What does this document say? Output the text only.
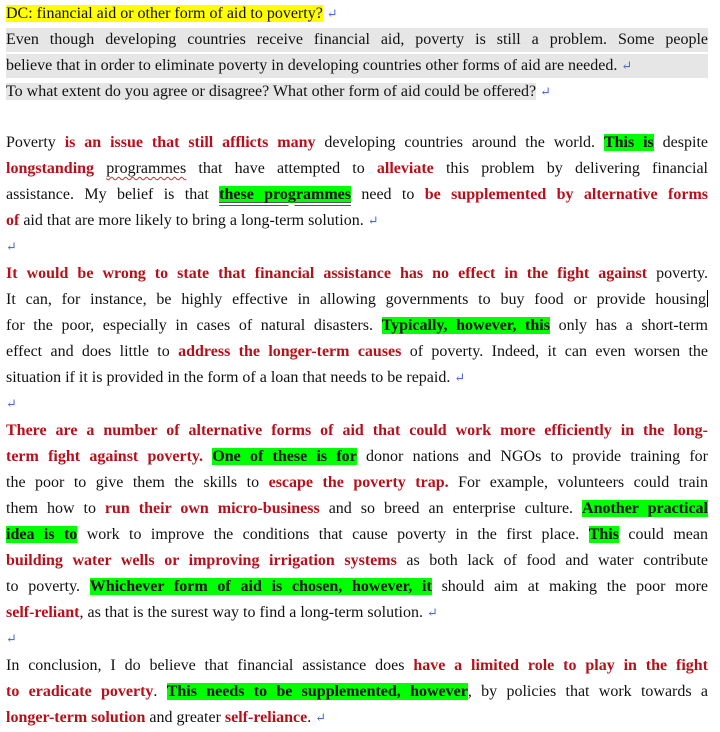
DC: financial aid or other form of aid to poverty? ↵
Even though developing countries receive financial aid, poverty is still a problem. Some people
believe that in order to eliminate poverty in developing countries other forms of aid are needed. ↵
To what extent do you agree or disagree? What other form of aid could be offered? ↵
Poverty is an issue that still afflicts many developing countries around the world. This is despite
longstanding programmes that have attempted to alleviate this problem by delivering financial
assistance. My belief is that these programmes need to be supplemented by alternative forms
of aid that are more likely to bring a long-term solution. ↵
↵
It would be wrong to state that financial assistance has no effect in the fight against poverty.
It can, for instance, be highly effective in allowing governments to buy food or provide housing
for the poor, especially in cases of natural disasters. Typically, however, this only has a short-term
effect and does little to address the longer-term causes of poverty. Indeed, it can even worsen the
situation if it is provided in the form of a loan that needs to be repaid. ↵
↵
There are a number of alternative forms of aid that could work more efficiently in the long-
term fight against poverty. One of these is for donor nations and NGOs to provide training for
the poor to give them the skills to escape the poverty trap. For example, volunteers could train
them how to run their own micro-business and so breed an enterprise culture. Another practical
idea is to work to improve the conditions that cause poverty in the first place. This could mean
building water wells or improving irrigation systems as both lack of food and water contribute
to poverty. Whichever form of aid is chosen, however, it should aim at making the poor more
self-reliant, as that is the surest way to find a long-term solution. ↵
↵
In conclusion, I do believe that financial assistance does have a limited role to play in the fight
to eradicate poverty. This needs to be supplemented, however, by policies that work towards a
longer-term solution and greater self-reliance. ↵
